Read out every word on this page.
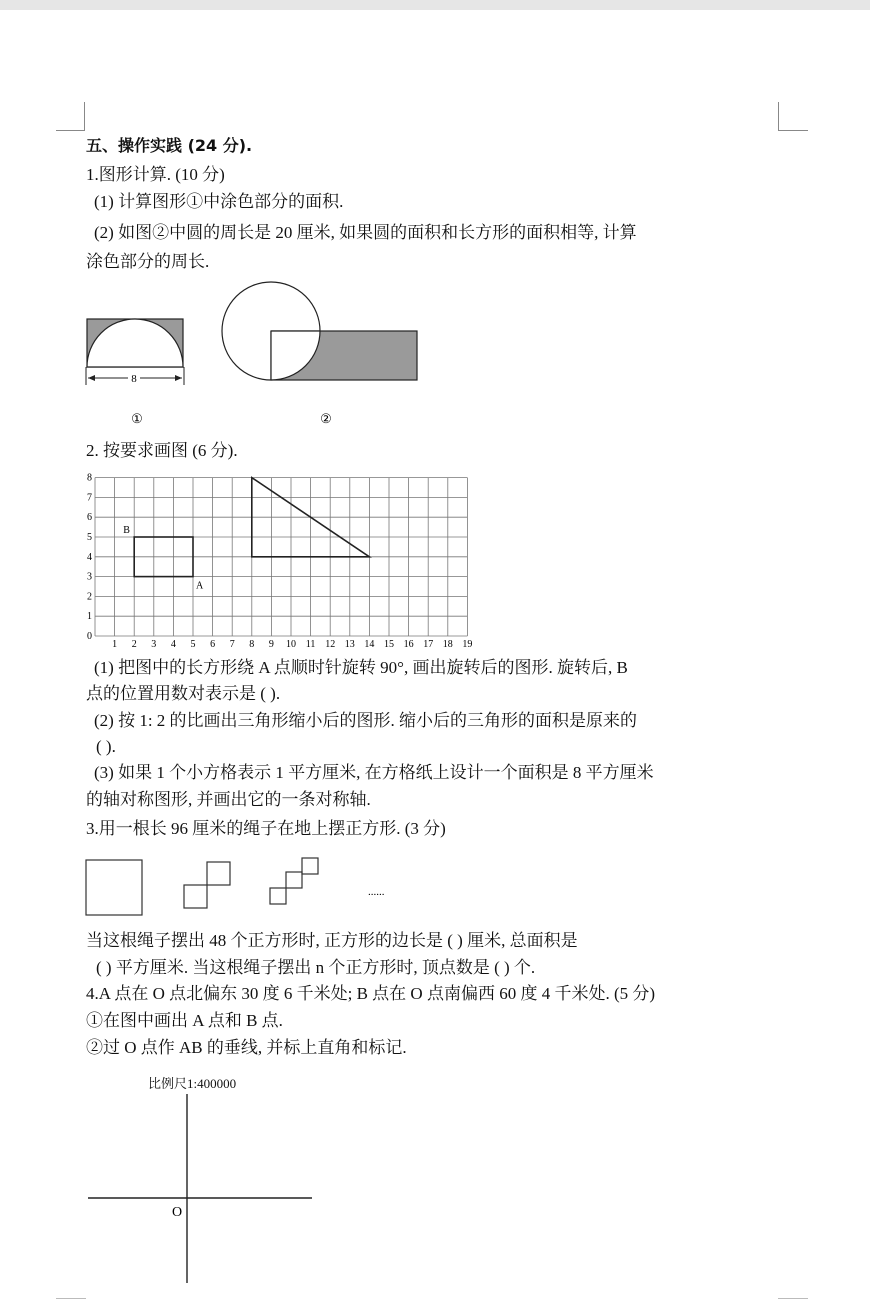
五、操作实践 (24 分).
1.图形计算. (10 分)
(1) 计算图形①中涂色部分的面积.
(2) 如图②中圆的周长是 20 厘米, 如果圆的面积和长方形的面积相等, 计算
涂色部分的周长.
8
①	②
2. 按要求画图 (6 分).
0
1
2
3
4
5
6
7
8
1 2 3 4 5 6 7 8 9 10 11 12 13 14 15 16 17 18 19
B
A
(1) 把图中的长方形绕 A 点顺时针旋转 90°, 画出旋转后的图形. 旋转后, B
点的位置用数对表示是 ( ).
(2) 按 1: 2 的比画出三角形缩小后的图形. 缩小后的三角形的面积是原来的
( ).
(3) 如果 1 个小方格表示 1 平方厘米, 在方格纸上设计一个面积是 8 平方厘米
的轴对称图形, 并画出它的一条对称轴.
3.用一根长 96 厘米的绳子在地上摆正方形. (3 分)
......
当这根绳子摆出 48 个正方形时, 正方形的边长是 ( ) 厘米, 总面积是
( ) 平方厘米. 当这根绳子摆出 n 个正方形时, 顶点数是 ( ) 个.
4.A 点在 O 点北偏东 30 度 6 千米处; B 点在 O 点南偏西 60 度 4 千米处. (5 分)
①在图中画出 A 点和 B 点.
②过 O 点作 AB 的垂线, 并标上直角和标记.
比例尺1:400000
O
